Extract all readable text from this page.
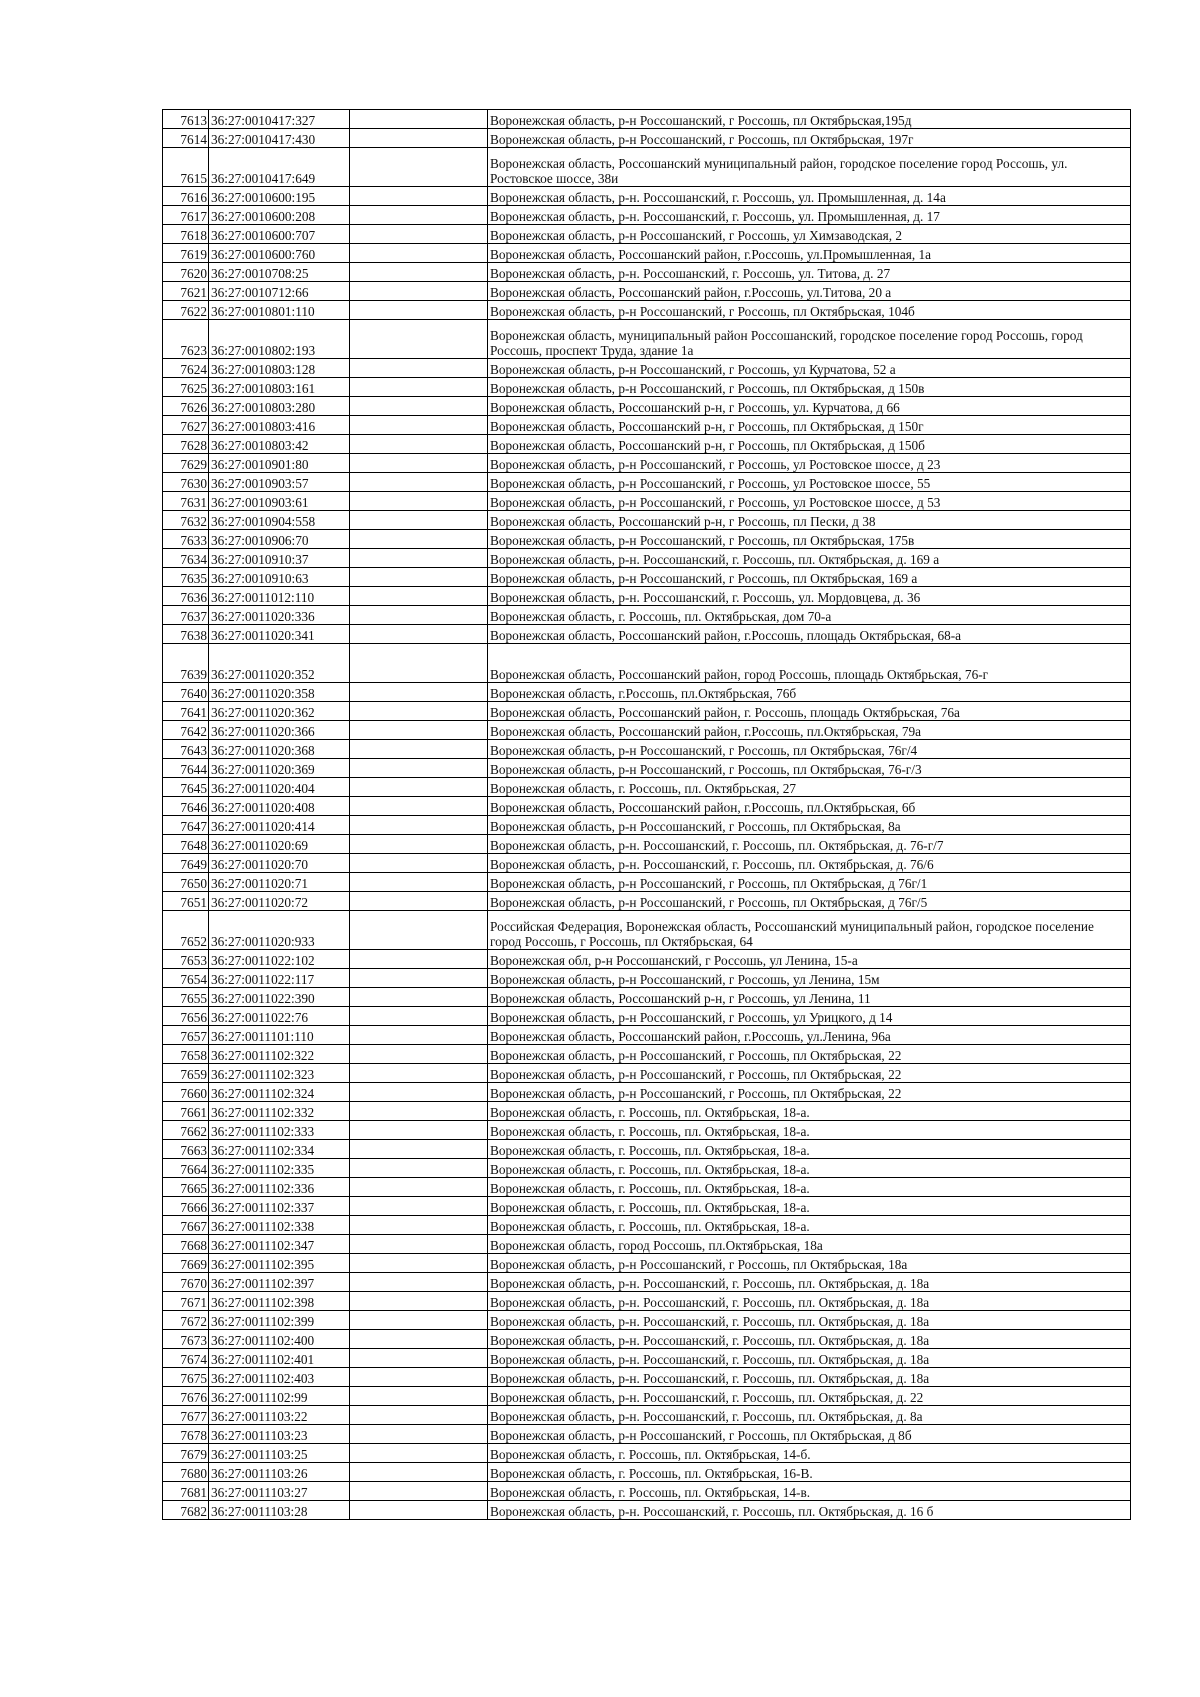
7613	36:27:0010417:327		Воронежская область, р-н Россошанский, г Россошь, пл Октябрьская,195д
7614	36:27:0010417:430		Воронежская область, р-н Россошанский, г Россошь, пл Октябрьская, 197г
7615	36:27:0010417:649		Воронежская область, Россошанский муниципальный район, городское поселение город Россошь, ул. Ростовское шоссе, 38и
7616	36:27:0010600:195		Воронежская область, р-н. Россошанский, г. Россошь, ул. Промышленная, д. 14а
7617	36:27:0010600:208		Воронежская область, р-н. Россошанский, г. Россошь, ул. Промышленная, д. 17
7618	36:27:0010600:707		Воронежская область, р-н Россошанский, г Россошь, ул Химзаводская, 2
7619	36:27:0010600:760		Воронежская область, Россошанский район, г.Россошь, ул.Промышленная, 1а
7620	36:27:0010708:25		Воронежская область, р-н. Россошанский, г. Россошь, ул. Титова, д. 27
7621	36:27:0010712:66		Воронежская область, Россошанский район, г.Россошь, ул.Титова, 20 а
7622	36:27:0010801:110		Воронежская область, р-н Россошанский, г Россошь, пл Октябрьская, 104б
7623	36:27:0010802:193		Воронежская область, муниципальный район Россошанский, городское поселение город Россошь, город Россошь, проспект Труда, здание 1а
7624	36:27:0010803:128		Воронежская область, р-н Россошанский, г Россошь, ул Курчатова, 52 а
7625	36:27:0010803:161		Воронежская область, р-н Россошанский, г Россошь, пл Октябрьская, д 150в
7626	36:27:0010803:280		Воронежская область, Россошанский р-н, г Россошь, ул. Курчатова, д 66
7627	36:27:0010803:416		Воронежская область, Россошанский р-н, г Россошь, пл Октябрьская, д 150г
7628	36:27:0010803:42		Воронежская область, Россошанский р-н, г Россошь, пл Октябрьская, д 150б
7629	36:27:0010901:80		Воронежская область, р-н Россошанский, г Россошь, ул Ростовское шоссе, д 23
7630	36:27:0010903:57		Воронежская область, р-н Россошанский, г Россошь, ул Ростовское шоссе, 55
7631	36:27:0010903:61		Воронежская область, р-н Россошанский, г Россошь, ул Ростовское шоссе, д 53
7632	36:27:0010904:558		Воронежская область, Россошанский р-н, г Россошь, пл Пески, д 38
7633	36:27:0010906:70		Воронежская область, р-н Россошанский, г Россошь, пл Октябрьская, 175в
7634	36:27:0010910:37		Воронежская область, р-н. Россошанский, г. Россошь, пл. Октябрьская, д. 169 а
7635	36:27:0010910:63		Воронежская область, р-н Россошанский, г Россошь, пл Октябрьская, 169 а
7636	36:27:0011012:110		Воронежская область, р-н. Россошанский, г. Россошь, ул. Мордовцева, д. 36
7637	36:27:0011020:336		Воронежская область, г. Россошь, пл. Октябрьская, дом 70-а
7638	36:27:0011020:341		Воронежская область, Россошанский район, г.Россошь, площадь Октябрьская, 68-а
7639	36:27:0011020:352		Воронежская область, Россошанский район, город Россошь, площадь Октябрьская, 76-г
7640	36:27:0011020:358		Воронежская область, г.Россошь, пл.Октябрьская, 76б
7641	36:27:0011020:362		Воронежская область, Россошанский район, г. Россошь, площадь Октябрьская, 76а
7642	36:27:0011020:366		Воронежская область, Россошанский район, г.Россошь, пл.Октябрьская, 79а
7643	36:27:0011020:368		Воронежская область, р-н Россошанский, г Россошь, пл Октябрьская, 76г/4
7644	36:27:0011020:369		Воронежская область, р-н Россошанский, г Россошь, пл Октябрьская, 76-г/3
7645	36:27:0011020:404		Воронежская область, г. Россошь, пл. Октябрьская, 27
7646	36:27:0011020:408		Воронежская область, Россошанский район, г.Россошь, пл.Октябрьская, 6б
7647	36:27:0011020:414		Воронежская область, р-н Россошанский, г Россошь, пл Октябрьская, 8а
7648	36:27:0011020:69		Воронежская область, р-н. Россошанский, г. Россошь, пл. Октябрьская, д. 76-г/7
7649	36:27:0011020:70		Воронежская область, р-н. Россошанский, г. Россошь, пл. Октябрьская, д. 76/6
7650	36:27:0011020:71		Воронежская область, р-н Россошанский, г Россошь, пл Октябрьская, д 76г/1
7651	36:27:0011020:72		Воронежская область, р-н Россошанский, г Россошь, пл Октябрьская, д 76г/5
7652	36:27:0011020:933		Российская Федерация, Воронежская область, Россошанский муниципальный район, городское поселение город Россошь, г Россошь, пл Октябрьская, 64
7653	36:27:0011022:102		Воронежская обл, р-н Россошанский, г Россошь, ул Ленина, 15-а
7654	36:27:0011022:117		Воронежская область, р-н Россошанский, г Россошь, ул Ленина, 15м
7655	36:27:0011022:390		Воронежская область, Россошанский р-н, г Россошь, ул Ленина, 11
7656	36:27:0011022:76		Воронежская область, р-н Россошанский, г Россошь, ул Урицкого, д 14
7657	36:27:0011101:110		Воронежская область, Россошанский район, г.Россошь, ул.Ленина, 96а
7658	36:27:0011102:322		Воронежская область, р-н Россошанский, г Россошь, пл Октябрьская, 22
7659	36:27:0011102:323		Воронежская область, р-н Россошанский, г Россошь, пл Октябрьская, 22
7660	36:27:0011102:324		Воронежская область, р-н Россошанский, г Россошь, пл Октябрьская, 22
7661	36:27:0011102:332		Воронежская область, г. Россошь, пл. Октябрьская, 18-а.
7662	36:27:0011102:333		Воронежская область, г. Россошь, пл. Октябрьская, 18-а.
7663	36:27:0011102:334		Воронежская область, г. Россошь, пл. Октябрьская, 18-а.
7664	36:27:0011102:335		Воронежская область, г. Россошь, пл. Октябрьская, 18-а.
7665	36:27:0011102:336		Воронежская область, г. Россошь, пл. Октябрьская, 18-а.
7666	36:27:0011102:337		Воронежская область, г. Россошь, пл. Октябрьская, 18-а.
7667	36:27:0011102:338		Воронежская область, г. Россошь, пл. Октябрьская, 18-а.
7668	36:27:0011102:347		Воронежская область, город Россошь, пл.Октябрьская, 18а
7669	36:27:0011102:395		Воронежская область, р-н Россошанский, г Россошь, пл Октябрьская, 18а
7670	36:27:0011102:397		Воронежская область, р-н. Россошанский, г. Россошь, пл. Октябрьская, д. 18а
7671	36:27:0011102:398		Воронежская область, р-н. Россошанский, г. Россошь, пл. Октябрьская, д. 18а
7672	36:27:0011102:399		Воронежская область, р-н. Россошанский, г. Россошь, пл. Октябрьская, д. 18а
7673	36:27:0011102:400		Воронежская область, р-н. Россошанский, г. Россошь, пл. Октябрьская, д. 18а
7674	36:27:0011102:401		Воронежская область, р-н. Россошанский, г. Россошь, пл. Октябрьская, д. 18а
7675	36:27:0011102:403		Воронежская область, р-н. Россошанский, г. Россошь, пл. Октябрьская, д. 18а
7676	36:27:0011102:99		Воронежская область, р-н. Россошанский, г. Россошь, пл. Октябрьская, д. 22
7677	36:27:0011103:22		Воронежская область, р-н. Россошанский, г. Россошь, пл. Октябрьская, д. 8а
7678	36:27:0011103:23		Воронежская область, р-н Россошанский, г Россошь, пл Октябрьская, д 8б
7679	36:27:0011103:25		Воронежская область, г. Россошь, пл. Октябрьская, 14-б.
7680	36:27:0011103:26		Воронежская область, г. Россошь, пл. Октябрьская, 16-В.
7681	36:27:0011103:27		Воронежская область, г. Россошь, пл. Октябрьская, 14-в.
7682	36:27:0011103:28		Воронежская область, р-н. Россошанский, г. Россошь, пл. Октябрьская, д. 16 б
